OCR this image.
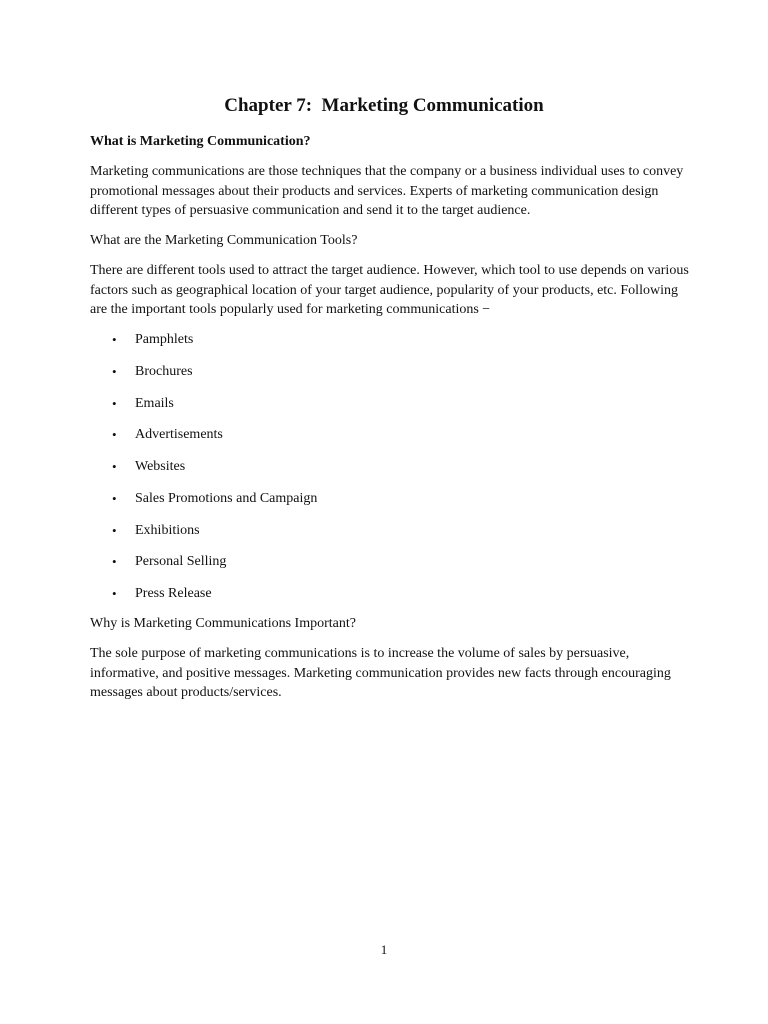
Chapter 7:  Marketing Communication

What is Marketing Communication?

Marketing communications are those techniques that the company or a business individual uses to convey promotional messages about their products and services. Experts of marketing communication design different types of persuasive communication and send it to the target audience.

What are the Marketing Communication Tools?

There are different tools used to attract the target audience. However, which tool to use depends on various factors such as geographical location of your target audience, popularity of your products, etc. Following are the important tools popularly used for marketing communications −

• Pamphlets
• Brochures
• Emails
• Advertisements
• Websites
• Sales Promotions and Campaign
• Exhibitions
• Personal Selling
• Press Release

Why is Marketing Communications Important?

The sole purpose of marketing communications is to increase the volume of sales by persuasive, informative, and positive messages. Marketing communication provides new facts through encouraging messages about products/services.

1
